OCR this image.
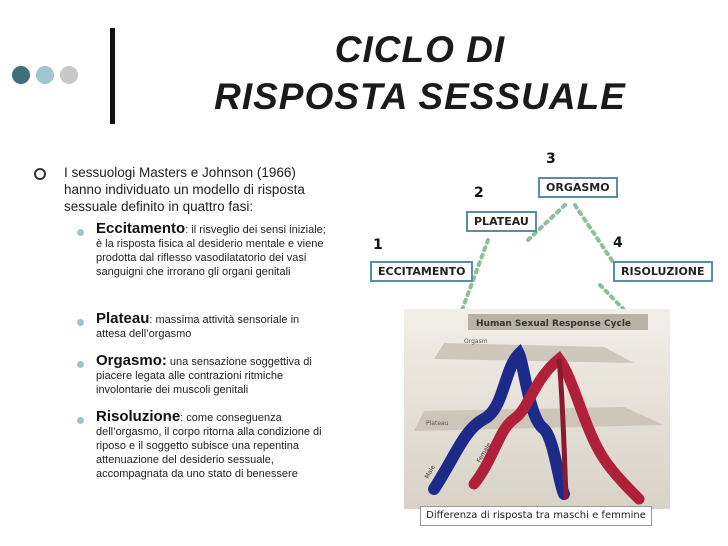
CICLO DI
RISPOSTA SESSUALE
I sessuologi Masters e Johnson (1966) hanno individuato un modello di risposta sessuale definito in quattro fasi:
Eccitamento: il risveglio dei sensi iniziale; è la risposta fisica al desiderio mentale e viene prodotta dal riflesso vasodilatatorio dei vasi sanguigni che irrorano gli organi genitali
Plateau: massima attività sensoriale in attesa dell’orgasmo
Orgasmo: una sensazione soggettiva di piacere legata alle contrazioni ritmiche involontarie dei muscoli genitali
Risoluzione: come conseguenza dell’orgasmo, il corpo ritorna alla condizione di riposo e il soggetto subisce una repentina attenuazione del desiderio sessuale, accompagnata da uno stato di benessere
1
ECCITAMENTO
2
PLATEAU
3
ORGASMO
4
RISOLUZIONE
Human Sexual Response Cycle
Orgasm
Plateau
Male
Female
Differenza di risposta tra maschi e femmine
